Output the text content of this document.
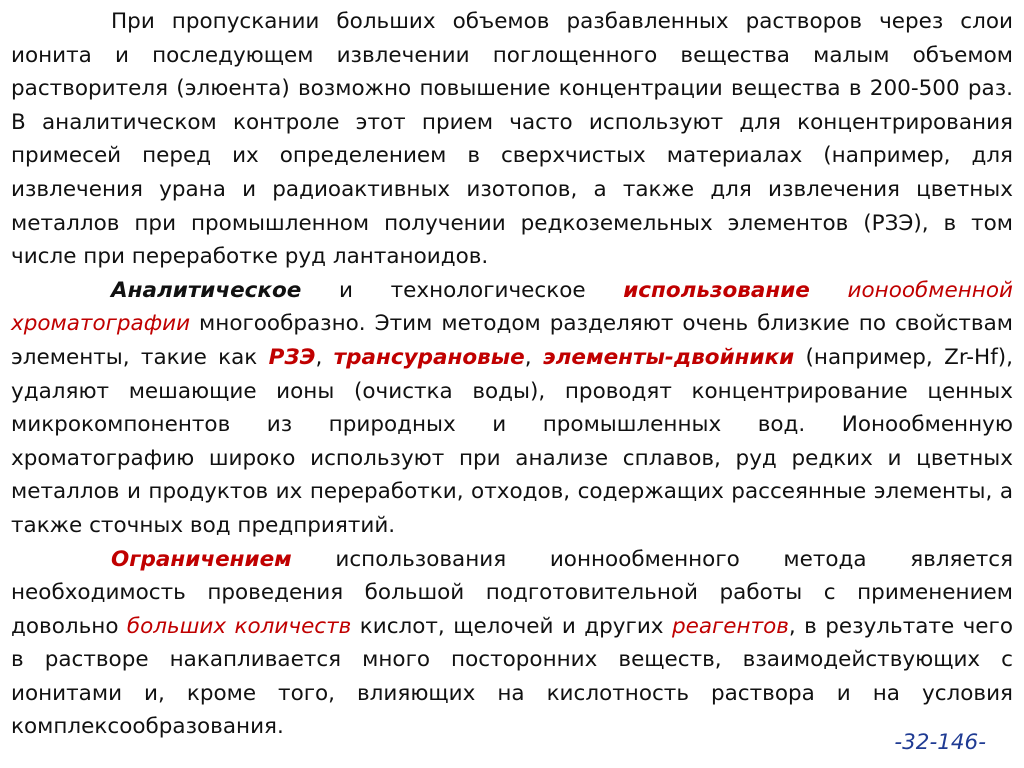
При пропускании больших объемов разбавленных растворов через слои ионита и последующем извлечении поглощенного вещества малым объемом растворителя (элюента) возможно повышение концентрации вещества в 200-500 раз. В аналитическом контроле этот прием часто используют для концентрирования примесей перед их определением в сверхчистых материалах (например, для извлечения урана и радиоактивных изотопов, а также для извлечения цветных металлов при промышленном получении редкоземельных элементов (РЗЭ), в том числе при переработке руд лантаноидов.

Аналитическое и технологическое использование ионообменной хроматографии многообразно. Этим методом разделяют очень близкие по свойствам элементы, такие как РЗЭ, трансурановые, элементы-двойники (например, Zr-Hf), удаляют мешающие ионы (очистка воды), проводят концентрирование ценных микрокомпонентов из природных и промышленных вод. Ионообменную хроматографию широко используют при анализе сплавов, руд редких и цветных металлов и продуктов их переработки, отходов, содержащих рассеянные элементы, а также сточных вод предприятий.

Ограничением использования ионнообменного метода является необходимость проведения большой подготовительной работы с применением довольно больших количеств кислот, щелочей и других реагентов, в результате чего в растворе накапливается много посторонних веществ, взаимодействующих с ионитами и, кроме того, влияющих на кислотность раствора и на условия комплексообразования.

-32-146-
